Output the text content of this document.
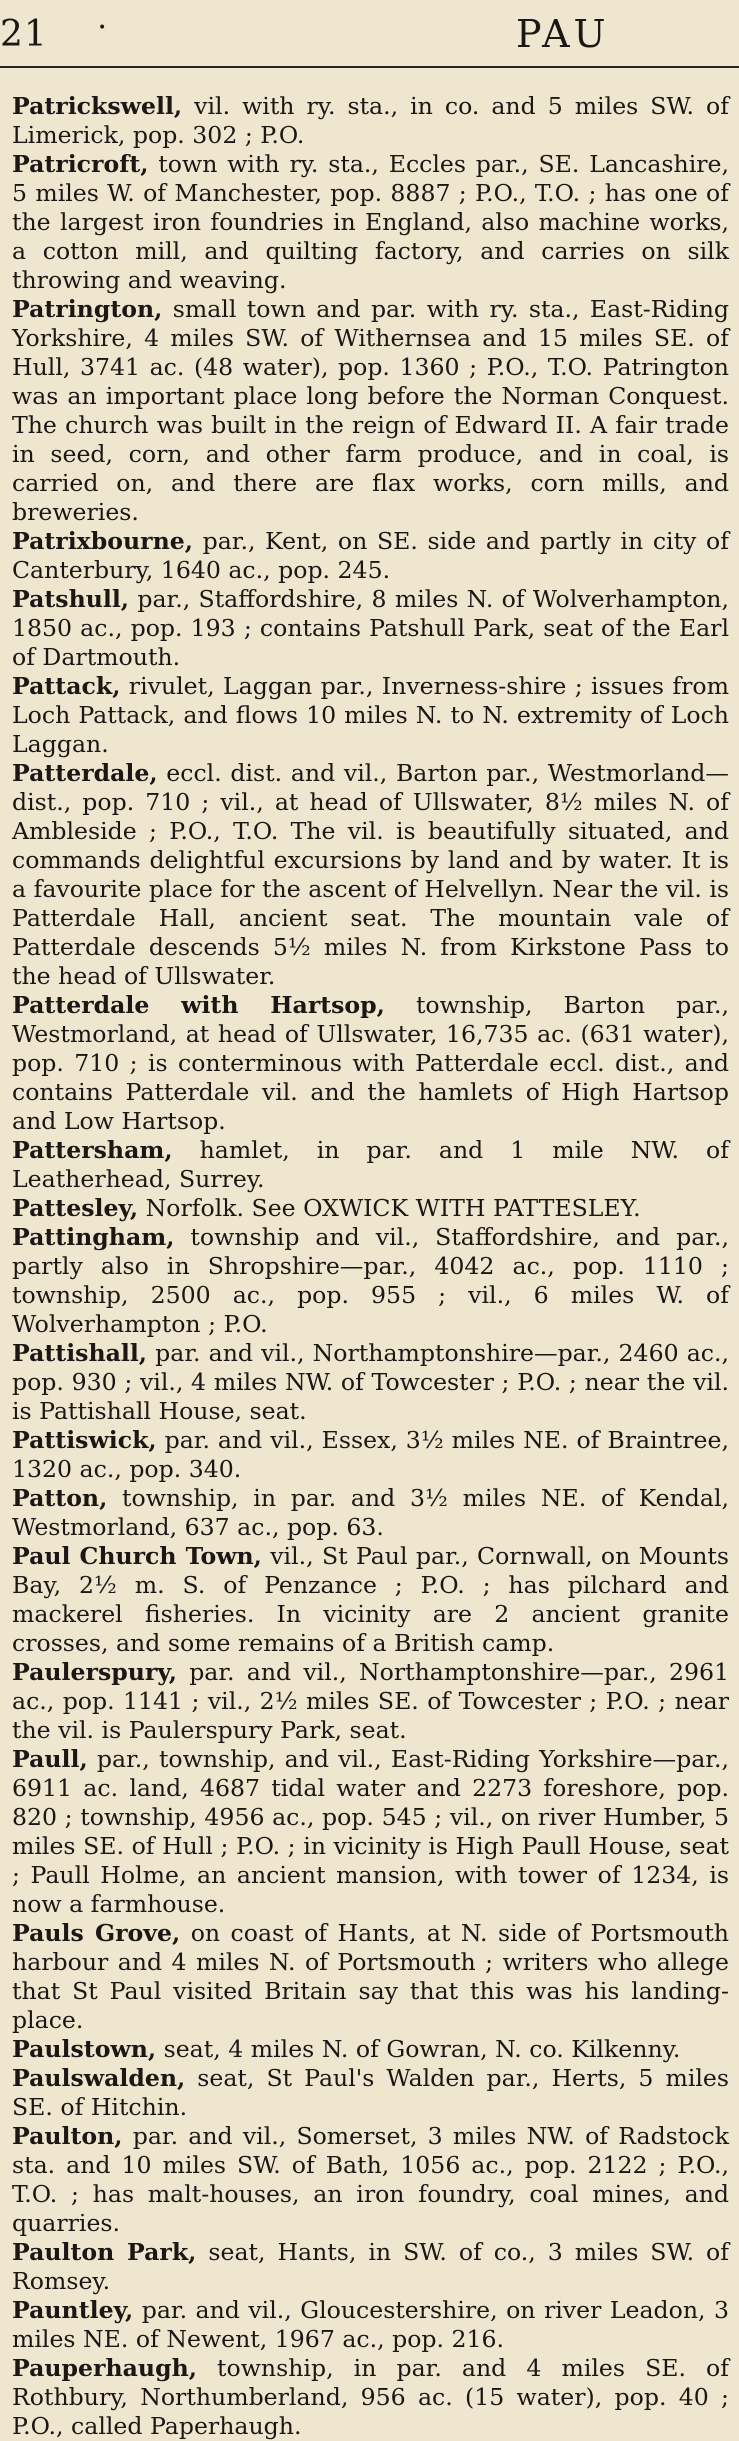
21	•	PAU

Patrickswell, vil. with ry. sta., in co. and 5 miles SW. of Limerick, pop. 302 ; P.O.

Patricroft, town with ry. sta., Eccles par., SE. Lancashire, 5 miles W. of Manchester, pop. 8887 ; P.O., T.O. ; has one of the largest iron foundries in England, also machine works, a cotton mill, and quilting factory, and carries on silk throwing and weaving.

Patrington, small town and par. with ry. sta., East-Riding Yorkshire, 4 miles SW. of Withernsea and 15 miles SE. of Hull, 3741 ac. (48 water), pop. 1360 ; P.O., T.O. Patrington was an important place long before the Norman Conquest. The church was built in the reign of Edward II. A fair trade in seed, corn, and other farm produce, and in coal, is carried on, and there are flax works, corn mills, and breweries.

Patrixbourne, par., Kent, on SE. side and partly in city of Canterbury, 1640 ac., pop. 245.

Patshull, par., Staffordshire, 8 miles N. of Wolverhampton, 1850 ac., pop. 193 ; contains Patshull Park, seat of the Earl of Dartmouth.

Pattack, rivulet, Laggan par., Inverness-shire ; issues from Loch Pattack, and flows 10 miles N. to N. extremity of Loch Laggan.

Patterdale, eccl. dist. and vil., Barton par., Westmorland—dist., pop. 710 ; vil., at head of Ullswater, 8½ miles N. of Ambleside ; P.O., T.O. The vil. is beautifully situated, and commands delightful excursions by land and by water. It is a favourite place for the ascent of Helvellyn. Near the vil. is Patterdale Hall, ancient seat. The mountain vale of Patterdale descends 5½ miles N. from Kirkstone Pass to the head of Ullswater.

Patterdale with Hartsop, township, Barton par., Westmorland, at head of Ullswater, 16,735 ac. (631 water), pop. 710 ; is conterminous with Patterdale eccl. dist., and contains Patterdale vil. and the hamlets of High Hartsop and Low Hartsop.

Pattersham, hamlet, in par. and 1 mile NW. of Leatherhead, Surrey.

Pattesley, Norfolk. See OXWICK WITH PATTESLEY.

Pattingham, township and vil., Staffordshire, and par., partly also in Shropshire—par., 4042 ac., pop. 1110 ; township, 2500 ac., pop. 955 ; vil., 6 miles W. of Wolverhampton ; P.O.

Pattishall, par. and vil., Northamptonshire—par., 2460 ac., pop. 930 ; vil., 4 miles NW. of Towcester ; P.O. ; near the vil. is Pattishall House, seat.

Pattiswick, par. and vil., Essex, 3½ miles NE. of Braintree, 1320 ac., pop. 340.

Patton, township, in par. and 3½ miles NE. of Kendal, Westmorland, 637 ac., pop. 63.

Paul Church Town, vil., St Paul par., Cornwall, on Mounts Bay, 2½ m. S. of Penzance ; P.O. ; has pilchard and mackerel fisheries. In vicinity are 2 ancient granite crosses, and some remains of a British camp.

Paulerspury, par. and vil., Northamptonshire—par., 2961 ac., pop. 1141 ; vil., 2½ miles SE. of Towcester ; P.O. ; near the vil. is Paulerspury Park, seat.

Paull, par., township, and vil., East-Riding Yorkshire—par., 6911 ac. land, 4687 tidal water and 2273 foreshore, pop. 820 ; township, 4956 ac., pop. 545 ; vil., on river Humber, 5 miles SE. of Hull ; P.O. ; in vicinity is High Paull House, seat ; Paull Holme, an ancient mansion, with tower of 1234, is now a farmhouse.

Pauls Grove, on coast of Hants, at N. side of Portsmouth harbour and 4 miles N. of Portsmouth ; writers who allege that St Paul visited Britain say that this was his landing-place.

Paulstown, seat, 4 miles N. of Gowran, N. co. Kilkenny.

Paulswalden, seat, St Paul's Walden par., Herts, 5 miles SE. of Hitchin.

Paulton, par. and vil., Somerset, 3 miles NW. of Radstock sta. and 10 miles SW. of Bath, 1056 ac., pop. 2122 ; P.O., T.O. ; has malt-houses, an iron foundry, coal mines, and quarries.

Paulton Park, seat, Hants, in SW. of co., 3 miles SW. of Romsey.

Pauntley, par. and vil., Gloucestershire, on river Leadon, 3 miles NE. of Newent, 1967 ac., pop. 216.

Pauperhaugh, township, in par. and 4 miles SE. of Rothbury, Northumberland, 956 ac. (15 water), pop. 40 ; P.O., called Paperhaugh.
